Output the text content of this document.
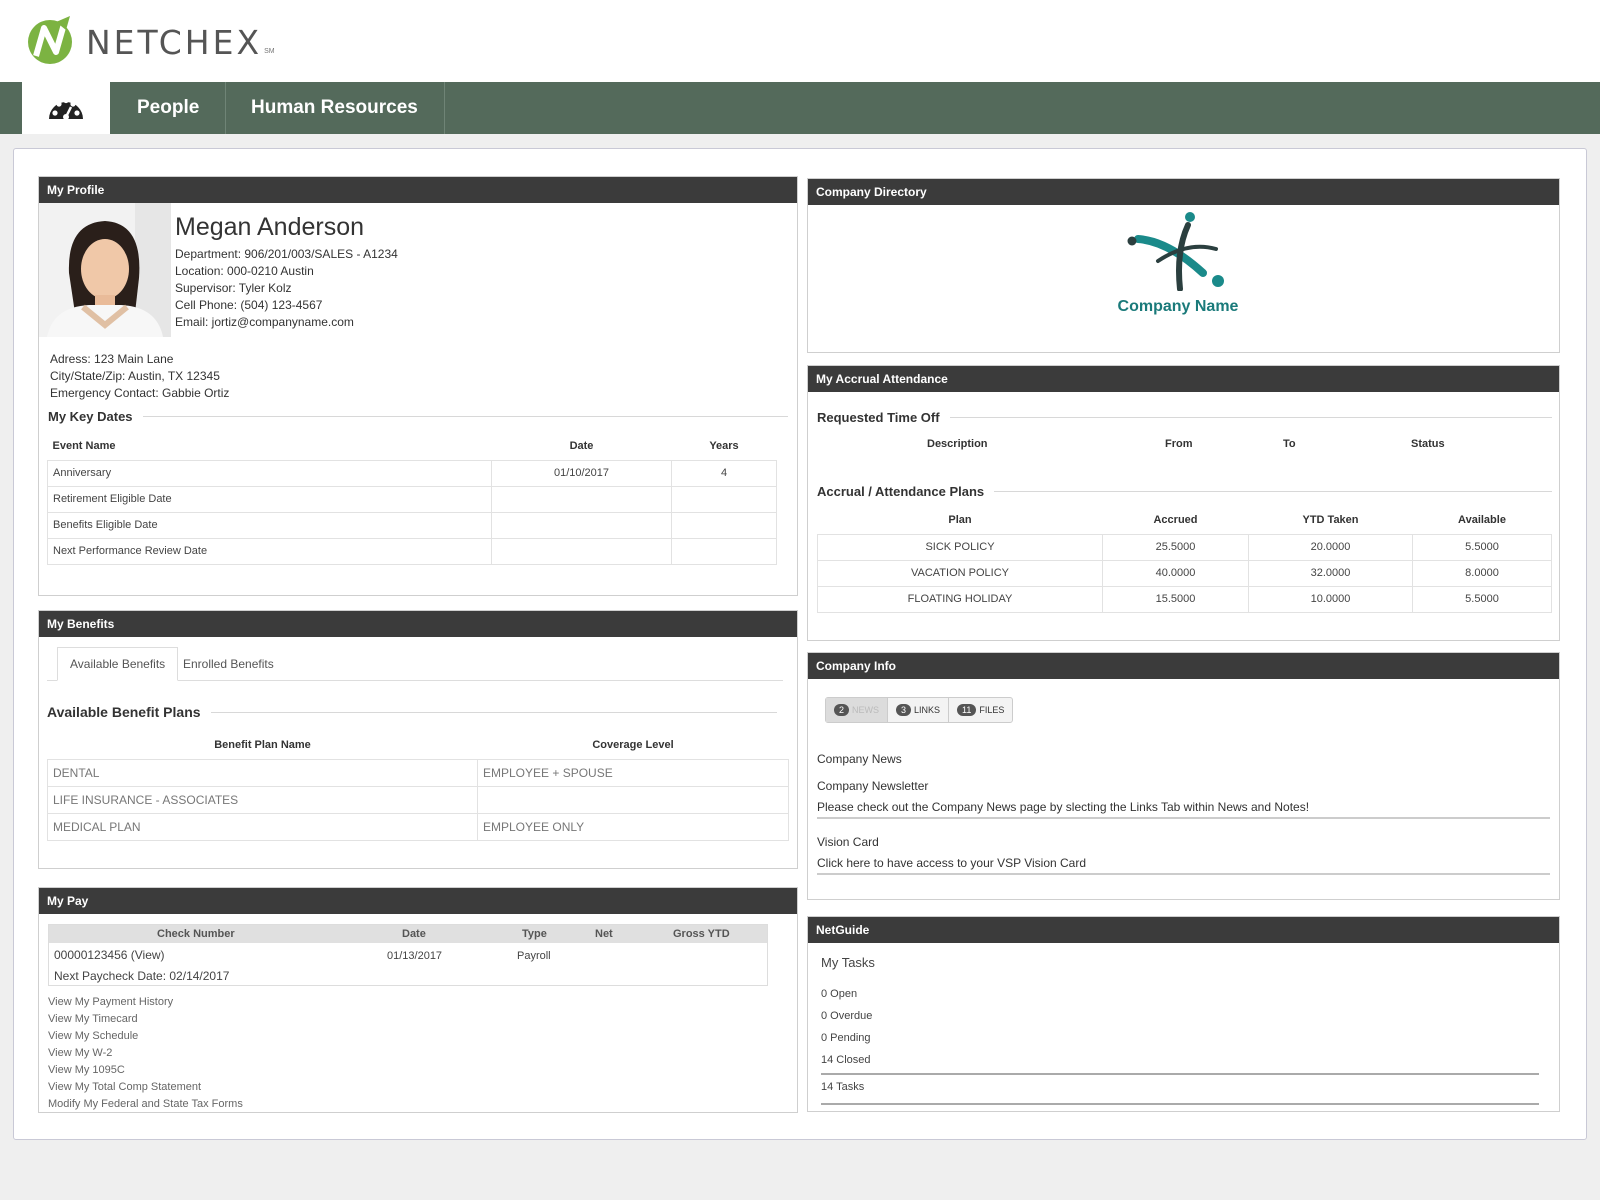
NETCHEX SM
People	Human Resources
My Profile
Megan Anderson
Department: 906/201/003/SALES - A1234
Location: 000-0210 Austin
Supervisor: Tyler Kolz
Cell Phone: (504) 123-4567
Email: jortiz@companyname.com
Adress: 123 Main Lane
City/State/Zip: Austin, TX 12345
Emergency Contact: Gabbie Ortiz
My Key Dates
Event Name	Date	Years
Anniversary	01/10/2017	4
Retirement Eligible Date		
Benefits Eligible Date		
Next Performance Review Date		
My Benefits
Available Benefits	Enrolled Benefits
Available Benefit Plans
Benefit Plan Name	Coverage Level
DENTAL	EMPLOYEE + SPOUSE
LIFE INSURANCE - ASSOCIATES	
MEDICAL PLAN	EMPLOYEE ONLY
My Pay
Check Number	Date	Type	Net	Gross YTD
00000123456 (View)	01/13/2017	Payroll
Next Paycheck Date: 02/14/2017
View My Payment History
View My Timecard
View My Schedule
View My W-2
View My 1095C
View My Total Comp Statement
Modify My Federal and State Tax Forms
Company Directory
Company Name
My Accrual Attendance
Requested Time Off
Description	From	To	Status
Accrual / Attendance Plans
Plan	Accrued	YTD Taken	Available
SICK POLICY	25.5000	20.0000	5.5000
VACATION POLICY	40.0000	32.0000	8.0000
FLOATING HOLIDAY	15.5000	10.0000	5.5000
Company Info
2 NEWS	3 LINKS	11 FILES
Company News
Company Newsletter
Please check out the Company News page by slecting the Links Tab within News and Notes!
Vision Card
Click here to have access to your VSP Vision Card
NetGuide
My Tasks
0 Open
0 Overdue
0 Pending
14 Closed
14 Tasks
